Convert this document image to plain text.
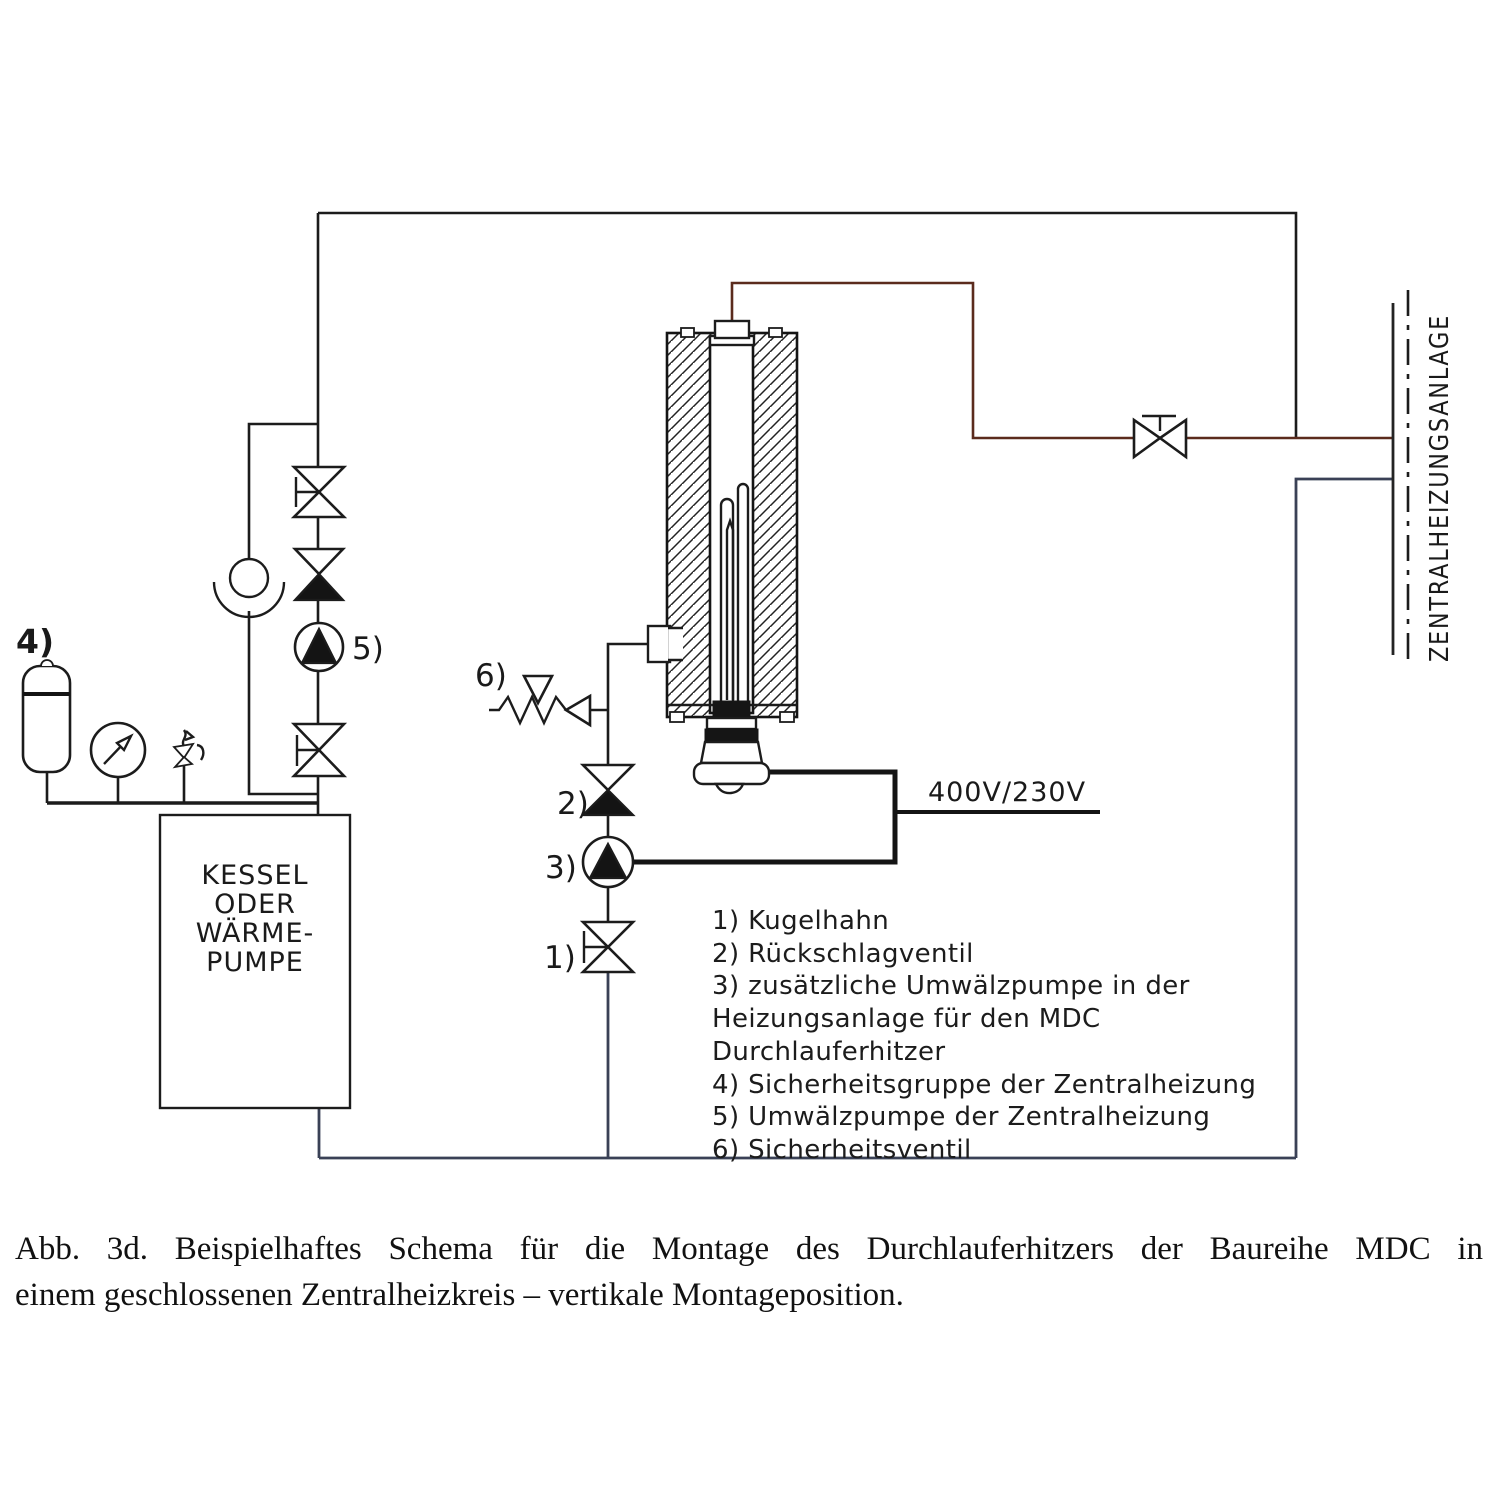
ZENTRALHEIZUNGSANLAGE
KESSEL
ODER
WÄRME-
PUMPE
4)	5)
6)
2)
3)
1)
400V/230V
1) Kugelhahn
2) Rückschlagventil
3) zusätzliche Umwälzpumpe in der
Heizungsanlage für den MDC
Durchlauferhitzer
4) Sicherheitsgruppe der Zentralheizung
5) Umwälzpumpe der Zentralheizung
6) Sicherheitsventil
Abb. 3d. Beispielhaftes Schema für die Montage des Durchlauferhitzers der Baureihe MDC in
einem geschlossenen Zentralheizkreis – vertikale Montageposition.
